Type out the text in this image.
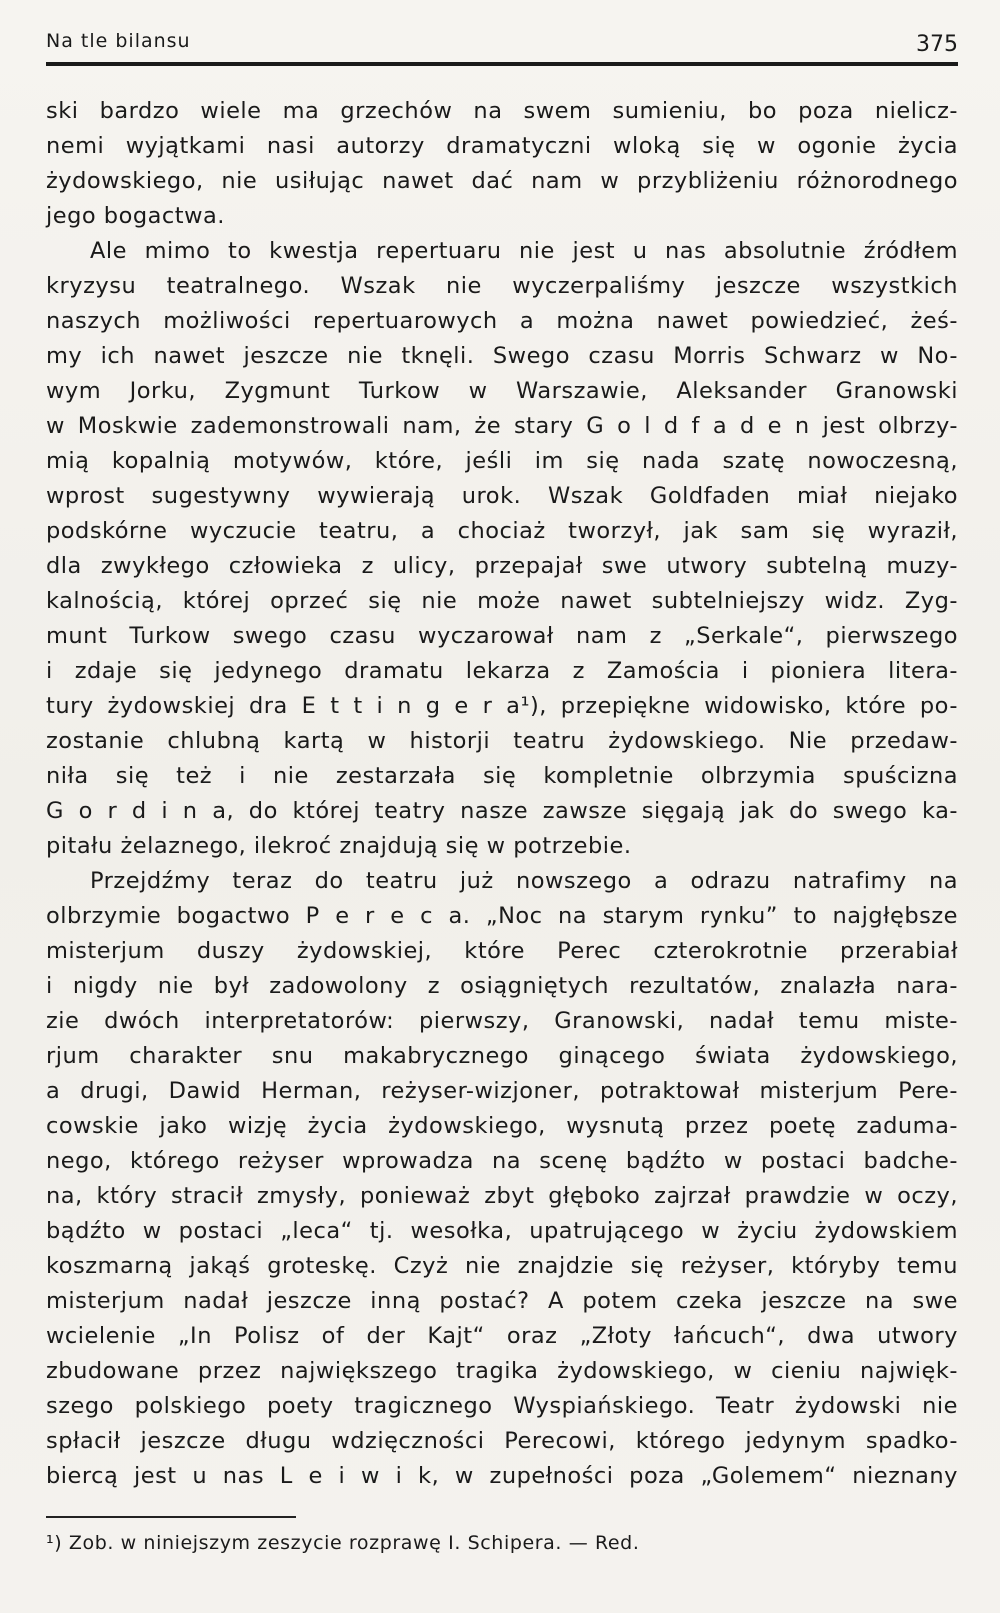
Na tle bilansu	375
ski bardzo wiele ma grzechów na swem sumieniu, bo poza nielicz-
nemi wyjątkami nasi autorzy dramatyczni wloką się w ogonie życia
żydowskiego, nie usiłując nawet dać nam w przybliżeniu różnorodnego
jego bogactwa.
Ale mimo to kwestja repertuaru nie jest u nas absolutnie źródłem
kryzysu teatralnego. Wszak nie wyczerpaliśmy jeszcze wszystkich
naszych możliwości repertuarowych a można nawet powiedzieć, żeś-
my ich nawet jeszcze nie tknęli. Swego czasu Morris Schwarz w No-
wym Jorku, Zygmunt Turkow w Warszawie, Aleksander Granowski
w Moskwie zademonstrowali nam, że stary G o l d f a d e n jest olbrzy-
mią kopalnią motywów, które, jeśli im się nada szatę nowoczesną,
wprost sugestywny wywierają urok. Wszak Goldfaden miał niejako
podskórne wyczucie teatru, a chociaż tworzył, jak sam się wyraził,
dla zwykłego człowieka z ulicy, przepajał swe utwory subtelną muzy-
kalnością, której oprzeć się nie może nawet subtelniejszy widz. Zyg-
munt Turkow swego czasu wyczarował nam z „Serkale“, pierwszego
i zdaje się jedynego dramatu lekarza z Zamościa i pioniera litera-
tury żydowskiej dra E t t i n g e r a¹), przepiękne widowisko, które po-
zostanie chlubną kartą w historji teatru żydowskiego. Nie przedaw-
niła się też i nie zestarzała się kompletnie olbrzymia spuścizna
G o r d i n a, do której teatry nasze zawsze sięgają jak do swego ka-
pitału żelaznego, ilekroć znajdują się w potrzebie.
Przejdźmy teraz do teatru już nowszego a odrazu natrafimy na
olbrzymie bogactwo P e r e c a. „Noc na starym rynku” to najgłębsze
misterjum duszy żydowskiej, które Perec czterokrotnie przerabiał
i nigdy nie był zadowolony z osiągniętych rezultatów, znalazła nara-
zie dwóch interpretatorów: pierwszy, Granowski, nadał temu miste-
rjum charakter snu makabrycznego ginącego świata żydowskiego,
a drugi, Dawid Herman, reżyser-wizjoner, potraktował misterjum Pere-
cowskie jako wizję życia żydowskiego, wysnutą przez poetę zaduma-
nego, którego reżyser wprowadza na scenę bądźto w postaci badche-
na, który stracił zmysły, ponieważ zbyt głęboko zajrzał prawdzie w oczy,
bądźto w postaci „leca“ tj. wesołka, upatrującego w życiu żydowskiem
koszmarną jakąś groteskę. Czyż nie znajdzie się reżyser, któryby temu
misterjum nadał jeszcze inną postać? A potem czeka jeszcze na swe
wcielenie „In Polisz of der Kajt“ oraz „Złoty łańcuch“, dwa utwory
zbudowane przez największego tragika żydowskiego, w cieniu najwięk-
szego polskiego poety tragicznego Wyspiańskiego. Teatr żydowski nie
spłacił jeszcze długu wdzięczności Perecowi, którego jedynym spadko-
biercą jest u nas L e i w i k, w zupełności poza „Golemem“ nieznany
¹) Zob. w niniejszym zeszycie rozprawę I. Schipera. — Red.
